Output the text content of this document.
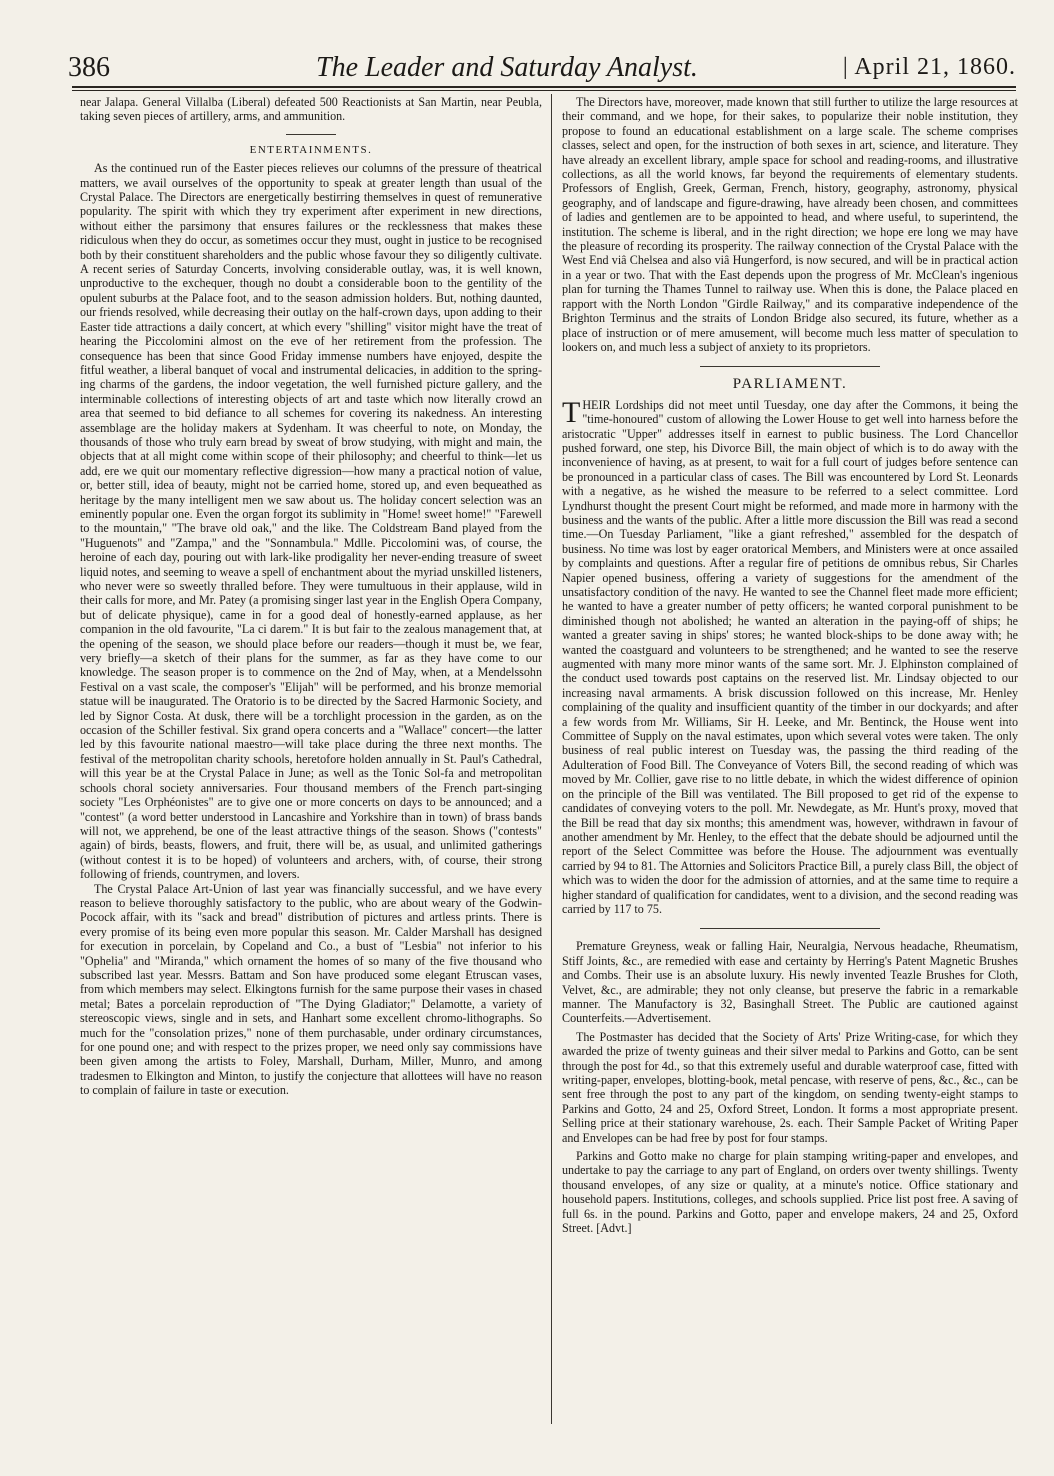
386	The Leader and Saturday Analyst.	| April 21, 1860.

near Jalapa. General Villalba (Liberal) defeated 500 Reactionists at San Martin, near Peubla, taking seven pieces of artillery, arms, and ammunition.

ENTERTAINMENTS.

As the continued run of the Easter pieces relieves our columns of the pressure of theatrical matters, we avail ourselves of the opportunity to speak at greater length than usual of the Crystal Palace. The Directors are energetically bestirring themselves in quest of remunerative popularity. The spirit with which they try experiment after experiment in new directions, without either the parsimony that ensures failures or the recklessness that makes these ridiculous when they do occur, as sometimes occur they must, ought in justice to be recognised both by their constituent shareholders and the public whose favour they so diligently cultivate. A recent series of Saturday Concerts, involving considerable outlay, was, it is well known, unproductive to the exchequer, though no doubt a considerable boon to the gentility of the opulent suburbs at the Palace foot, and to the season admission holders. But, nothing daunted, our friends resolved, while decreasing their outlay on the half-crown days, upon adding to their Easter tide attractions a daily concert, at which every "shilling" visitor might have the treat of hearing the Piccolomini almost on the eve of her retirement from the profession. The consequence has been that since Good Friday immense numbers have enjoyed, despite the fitful weather, a liberal banquet of vocal and instrumental delicacies, in addition to the spring-ing charms of the gardens, the indoor vegetation, the well furnished picture gallery, and the interminable collections of interesting objects of art and taste which now literally crowd an area that seemed to bid defiance to all schemes for covering its nakedness. An interesting assemblage are the holiday makers at Sydenham. It was cheerful to note, on Monday, the thousands of those who truly earn bread by sweat of brow studying, with might and main, the objects that at all might come within scope of their philosophy; and cheerful to think—let us add, ere we quit our momentary reflective digression—how many a practical notion of value, or, better still, idea of beauty, might not be carried home, stored up, and even bequeathed as heritage by the many intelligent men we saw about us. The holiday concert selection was an eminently popular one. Even the organ forgot its sublimity in "Home! sweet home!" "Farewell to the mountain," "The brave old oak," and the like. The Coldstream Band played from the "Huguenots" and "Zampa," and the "Sonnambula." Mdlle. Piccolomini was, of course, the heroine of each day, pouring out with lark-like prodigality her never-ending treasure of sweet liquid notes, and seeming to weave a spell of enchantment about the myriad unskilled listeners, who never were so sweetly thralled before. They were tumultuous in their applause, wild in their calls for more, and Mr. Patey (a promising singer last year in the English Opera Company, but of delicate physique), came in for a good deal of honestly-earned applause, as her companion in the old favourite, "La ci darem." It is but fair to the zealous management that, at the opening of the season, we should place before our readers—though it must be, we fear, very briefly—a sketch of their plans for the summer, as far as they have come to our knowledge. The season proper is to commence on the 2nd of May, when, at a Mendelssohn Festival on a vast scale, the composer's "Elijah" will be performed, and his bronze memorial statue will be inaugurated. The Oratorio is to be directed by the Sacred Harmonic Society, and led by Signor Costa. At dusk, there will be a torchlight procession in the garden, as on the occasion of the Schiller festival. Six grand opera concerts and a "Wallace" concert—the latter led by this favourite national maestro—will take place during the three next months. The festival of the metropolitan charity schools, heretofore holden annually in St. Paul's Cathedral, will this year be at the Crystal Palace in June; as well as the Tonic Sol-fa and metropolitan schools choral society anniversaries. Four thousand members of the French part-singing society "Les Orphéonistes" are to give one or more concerts on days to be announced; and a "contest" (a word better understood in Lancashire and Yorkshire than in town) of brass bands will not, we apprehend, be one of the least attractive things of the season. Shows ("contests" again) of birds, beasts, flowers, and fruit, there will be, as usual, and unlimited gatherings (without contest it is to be hoped) of volunteers and archers, with, of course, their strong following of friends, countrymen, and lovers.

The Crystal Palace Art-Union of last year was financially successful, and we have every reason to believe thoroughly satisfactory to the public, who are about weary of the Godwin-Pocock affair, with its "sack and bread" distribution of pictures and artless prints. There is every promise of its being even more popular this season. Mr. Calder Marshall has designed for execution in porcelain, by Copeland and Co., a bust of "Lesbia" not inferior to his "Ophelia" and "Miranda," which ornament the homes of so many of the five thousand who subscribed last year. Messrs. Battam and Son have produced some elegant Etruscan vases, from which members may select. Elkingtons furnish for the same purpose their vases in chased metal; Bates a porcelain reproduction of "The Dying Gladiator;" Delamotte, a variety of stereoscopic views, single and in sets, and Hanhart some excellent chromo-lithographs. So much for the "consolation prizes," none of them purchasable, under ordinary circumstances, for one pound one; and with respect to the prizes proper, we need only say commissions have been given among the artists to Foley, Marshall, Durham, Miller, Munro, and among tradesmen to Elkington and Minton, to justify the conjecture that allottees will have no reason to complain of failure in taste or execution.

The Directors have, moreover, made known that still further to utilize the large resources at their command, and we hope, for their sakes, to popularize their noble institution, they propose to found an educational establishment on a large scale. The scheme comprises classes, select and open, for the instruction of both sexes in art, science, and literature. They have already an excellent library, ample space for school and reading-rooms, and illustrative collections, as all the world knows, far beyond the requirements of elementary students. Professors of English, Greek, German, French, history, geography, astronomy, physical geography, and of landscape and figure-drawing, have already been chosen, and committees of ladies and gentlemen are to be appointed to head, and where useful, to superintend, the institution. The scheme is liberal, and in the right direction; we hope ere long we may have the pleasure of recording its prosperity. The railway connection of the Crystal Palace with the West End viâ Chelsea and also viâ Hungerford, is now secured, and will be in practical action in a year or two. That with the East depends upon the progress of Mr. McClean's ingenious plan for turning the Thames Tunnel to railway use. When this is done, the Palace placed en rapport with the North London "Girdle Railway," and its comparative independence of the Brighton Terminus and the straits of London Bridge also secured, its future, whether as a place of instruction or of mere amusement, will become much less matter of speculation to lookers on, and much less a subject of anxiety to its proprietors.

PARLIAMENT.

THEIR Lordships did not meet until Tuesday, one day after the Commons, it being the "time-honoured" custom of allowing the Lower House to get well into harness before the aristocratic "Upper" addresses itself in earnest to public business. The Lord Chancellor pushed forward, one step, his Divorce Bill, the main object of which is to do away with the inconvenience of having, as at present, to wait for a full court of judges before sentence can be pronounced in a particular class of cases. The Bill was encountered by Lord St. Leonards with a negative, as he wished the measure to be referred to a select committee. Lord Lyndhurst thought the present Court might be reformed, and made more in harmony with the business and the wants of the public. After a little more discussion the Bill was read a second time.—On Tuesday Parliament, "like a giant refreshed," assembled for the despatch of business. No time was lost by eager oratorical Members, and Ministers were at once assailed by complaints and questions. After a regular fire of petitions de omnibus rebus, Sir Charles Napier opened business, offering a variety of suggestions for the amendment of the unsatisfactory condition of the navy. He wanted to see the Channel fleet made more efficient; he wanted to have a greater number of petty officers; he wanted corporal punishment to be diminished though not abolished; he wanted an alteration in the paying-off of ships; he wanted a greater saving in ships' stores; he wanted block-ships to be done away with; he wanted the coastguard and volunteers to be strengthened; and he wanted to see the reserve augmented with many more minor wants of the same sort. Mr. J. Elphinston complained of the conduct used towards post captains on the reserved list. Mr. Lindsay objected to our increasing naval armaments. A brisk discussion followed on this increase, Mr. Henley complaining of the quality and insufficient quantity of the timber in our dockyards; and after a few words from Mr. Williams, Sir H. Leeke, and Mr. Bentinck, the House went into Committee of Supply on the naval estimates, upon which several votes were taken. The only business of real public interest on Tuesday was, the passing the third reading of the Adulteration of Food Bill. The Conveyance of Voters Bill, the second reading of which was moved by Mr. Collier, gave rise to no little debate, in which the widest difference of opinion on the principle of the Bill was ventilated. The Bill proposed to get rid of the expense to candidates of conveying voters to the poll. Mr. Newdegate, as Mr. Hunt's proxy, moved that the Bill be read that day six months; this amendment was, however, withdrawn in favour of another amendment by Mr. Henley, to the effect that the debate should be adjourned until the report of the Select Committee was before the House. The adjournment was eventually carried by 94 to 81. The Attornies and Solicitors Practice Bill, a purely class Bill, the object of which was to widen the door for the admission of attornies, and at the same time to require a higher standard of qualification for candidates, went to a division, and the second reading was carried by 117 to 75.

Premature Greyness, weak or falling Hair, Neuralgia, Nervous headache, Rheumatism, Stiff Joints, &c., are remedied with ease and certainty by Herring's Patent Magnetic Brushes and Combs. Their use is an absolute luxury. His newly invented Teazle Brushes for Cloth, Velvet, &c., are admirable; they not only cleanse, but preserve the fabric in a remarkable manner. The Manufactory is 32, Basinghall Street. The Public are cautioned against Counterfeits.—Advertisement.

The Postmaster has decided that the Society of Arts' Prize Writing-case, for which they awarded the prize of twenty guineas and their silver medal to Parkins and Gotto, can be sent through the post for 4d., so that this extremely useful and durable waterproof case, fitted with writing-paper, envelopes, blotting-book, metal pencase, with reserve of pens, &c., &c., can be sent free through the post to any part of the kingdom, on sending twenty-eight stamps to Parkins and Gotto, 24 and 25, Oxford Street, London. It forms a most appropriate present. Selling price at their stationary warehouse, 2s. each. Their Sample Packet of Writing Paper and Envelopes can be had free by post for four stamps.

Parkins and Gotto make no charge for plain stamping writing-paper and envelopes, and undertake to pay the carriage to any part of England, on orders over twenty shillings. Twenty thousand envelopes, of any size or quality, at a minute's notice. Office stationary and household papers. Institutions, colleges, and schools supplied. Price list post free. A saving of full 6s. in the pound. Parkins and Gotto, paper and envelope makers, 24 and 25, Oxford Street. [Advt.]
